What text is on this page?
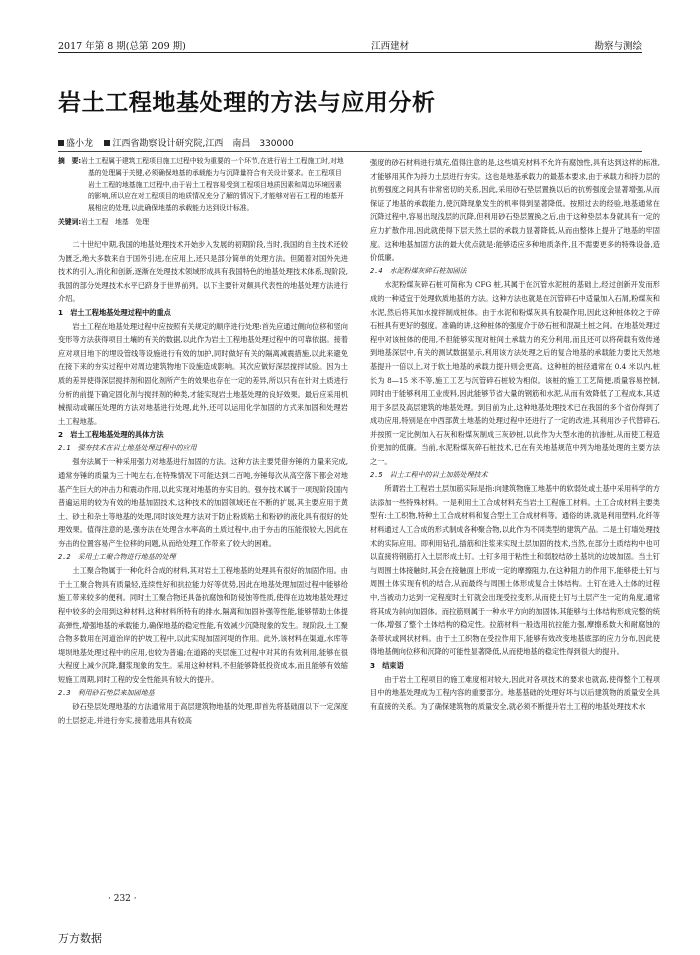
2017 年第 8 期(总第 209 期)	江西建材	勘察与测绘
岩土工程地基处理的方法与应用分析
盛小龙 江西省勘察设计研究院,江西　南昌　330000
摘　要:岩土工程属于建筑工程项目施工过程中较为重要的一个环节,在进行岩土工程施工时,对地基的处理属于关键,必须确保地基的承载能力与沉降量符合有关设计要求。在工程项目岩土工程的地基施工过程中,由于岩土工程容易受到工程项目地质因素和周边环境因素的影响,所以应在对工程项目的地质情况充分了解的情况下,才能够对岩石工程的地基开展相应的处理,以此确保地基的承载能力达到设计标准。
关键词:岩土工程　地基　处理

二十世纪中期,我国的地基处理技术开始步入发展的初期阶段,当时,我国的自主技术还较为匮乏,绝大多数来自于国外引进,在应用上,还只是部分简单的处理方法。但随着对国外先进技术的引入,消化和创新,逐渐在处理技术领域形成具有我国特色的地基处理技术体系,现阶段,我国的部分处理技术水平已跻身于世界前列。以下主要针对颇具代表性的地基处理方法进行介绍。

1　岩土工程地基处理过程中的重点

岩土工程在地基处理过程中应按照有关规定的顺序进行处理:首先应通过侧向位移和竖向变形等方法获得项目土壤的有关的数据,以此作为岩土工程地基处理过程中的可靠依据。接着应对项目地下的埋设管线等设施进行有效的加护,同时做好有关的隔离减震措施,以此来避免在接下来的夯实过程中对周边建筑物地下设施造成影响。其次应做好深层搅拌试验。因为土质的差异使得深层搅拌剂和固化剂所产生的效果也存在一定的差异,所以只有在针对土质进行分析的前提下确定固化剂与搅拌剂的种类,才能实现岩土地基处理的良好效果。最后应采用机械振动或碾压处理的方法对地基进行处理,此外,还可以运用化学加固的方式来加固和处理岩土工程地基。

2　岩土工程地基处理的具体方法

2.1　强夯技术在岩土地基处理过程中的应用

强夯法属于一种采用强力对地基进行加固的方法。这种方法主要凭借夯锤的力量来完成,通常夯锤的质量为三十吨左右,在特殊情况下可能达到二百吨,夯锤每次从高空落下都会对地基产生巨大的冲击力和震动作用,以此实现对地基的夯实目的。强夯技术属于一项现阶段国内普遍运用的较为有效的地基加固技术,这种技术的加固领域还在不断的扩展,其主要应用于黄土、砂土和杂土等地基的处理,同时该处理方法对于防止粉质粘土和粉砂的液化具有很好的处理效果。值得注意的是,强夯法在处理含水率高的土质过程中,由于夯击的压能很较大,因此在夯击的位置容易产生位移的问题,从而给处理工作带来了较大的困难。

2.2　采用土工聚合物进行地基的处理

土工聚合物属于一种化纤合成的材料,其对岩土工程地基的处理具有很好的加固作用。由于土工聚合物具有质量轻,连续性好和抗拉能力好等优势,因此在地基处理加固过程中能够给施工带来较多的便利。同时土工聚合物还具备抗腐蚀和防侵蚀等性质,使得在边坡地基处理过程中较多的会用到这种材料,这种材料所特有的排水,隔离和加固补强等性能,能够帮助土体提高弹性,增强地基的承载能力,确保地基的稳定性能,有效减少沉降现象的发生。现阶段,土工聚合物多数用在河道治岸的护坡工程中,以此实现加固河堤的作用。此外,该材料在渠道,水库等堤坝地基处理过程中的应用,也较为普遍;在道路的夹层施工过程中对其的有效利用,能够在很大程度上减少沉降,翻浆现象的发生。采用这种材料,不但能够降低投资成本,而且能够有效缩短施工周期,同时工程的安全性能具有较大的提升。

2.3　利用砂石垫层来加固地基

砂石垫层处理地基的方法通常用于高层建筑物地基的处理,即首先将基础面以下一定深度的土层挖走,并进行夯实,接着选用具有较高

强度的砂石材料进行填充,值得注意的是,这些填充材料不允许有腐蚀性,具有达到这样的标准,才能够用其作为持力土层进行夯实。这也是地基承载力的最基本要求,由于承载力和持力层的抗剪强度之间具有非常密切的关系,因此,采用砂石垫层置换以后的抗剪强度会显著增强,从而保证了地基的承载能力,使沉降现象发生的机率得到显著降低。按照过去的经验,地基通常在沉降过程中,容易出现浅层的沉降,但利用砂石垫层置换之后,由于这种垫层本身就具有一定的应力扩散作用,因此就使得下层天然土层的承载力显著降低,从而由整体上提升了地基的牢固度。这种地基加固方法的最大优点就是:能够适应多种地质条件,且不需要更多的特殊设备,造价低廉。

2.4　水泥粉煤灰碎石桩加固法

水泥粉煤灰碎石桩可简称为 CFG 桩,其属于在沉管水泥桩的基础上,经过创新开发而形成的一种适宜于处理软质地基的方法。这种方法也就是在沉管碎石中适量加入石屑,粉煤灰和水泥,然后将其加水搅拌制成桩体。由于水泥和粉煤灰具有胶凝作用,因此这种桩体较之于碎石桩具有更好的强度。准确的讲,这种桩体的强度介于砂石桩和混凝土桩之间。在地基处理过程中对该桩体的使用,不但能够实现对桩间土承载力的充分利用,而且还可以将荷载有效传递到地基深层中,有关的测试数据显示,利用该方法处理之后的复合地基的承载能力要比天然地基提升一倍以上,对于软土地基的承载力提升则会更高。这种桩的桩径通常在 0.4 米以内,桩长为 8—15 米不等,施工工艺与沉管碎石桩较为相似。该桩的施工工艺简便,质量容易控制,同时由于能够利用工业废料,因此能够节省大量的钢筋和水泥,从而有效降低了工程成本,其适用于多层及高层建筑的地基处理。到目前为止,这种地基处理技术已在我国的多个省份得到了成功应用,特别是在中西部黄土地基的处理过程中还进行了一定的改进,其利用沙子代替碎石,并按照一定比例加入石灰和粉煤灰制成三灰砂桩,以此作为大型水池的抗渗桩,从而使工程造价更加的低廉。当前,水泥粉煤灰碎石桩技术,已在有关地基规范中列为地基处理的主要方法之一。

2.5　岩土工程中的岩土加筋处理技术

所谓岩土工程岩土层加筋实际是指:向建筑物施工地基中的软弱处或土基中采用科学的方法添加一些特殊材料。一是利用土工合成材料充当岩土工程施工材料。土工合成材料主要类型有:土工织物,特种土工合成材料和复合型土工合成材料等。通俗的讲,就是利用塑料,化纤等材料通过人工合成的形式制成各种聚合物,以此作为不同类型的建筑产品。二是土钉墙处理技术的实际应用。即利用钻孔,插筋和注浆来实现土层加固的技术,当然,在部分土质结构中也可以直接将钢筋打入土层形成土钉。土钉多用于粘性土和弱胶结砂土基坑的边坡加固。当土钉与周围土体接触时,其会在接触面上形成一定的摩擦阻力,在这种阻力的作用下,能够使土钉与周围土体实现有机的结合,从而最终与周围土体形成复合土体结构。土钉在进入土体的过程中,当被动力达到一定程度时土钉就会出现受拉变形,从而使土钉与土层产生一定的角度,通常将其成为斜向加固体。而拉筋则属于一种水平方向的加固体,其能够与土体结构形成完整的统一体,增强了整个土体结构的稳定性。拉筋材料一般选用抗拉能力强,摩擦系数大和耐腐蚀的条带状或网状材料。由于土工织物在受拉作用下,能够有效改变地基底部的应力分布,因此使得地基侧向位移和沉降的可能性显著降低,从而使地基的稳定性得到很大的提升。

3　结束语

由于岩土工程项目的施工难度相对较大,因此对各项技术的要求也就高,使得整个工程项目中的地基处理成为工程内容的重要部分。地基基础的处理好坏与以后建筑物的质量安全具有直接的关系。为了确保建筑物的质量安全,就必须不断提升岩土工程的地基处理技术水

· 232 ·
万方数据
